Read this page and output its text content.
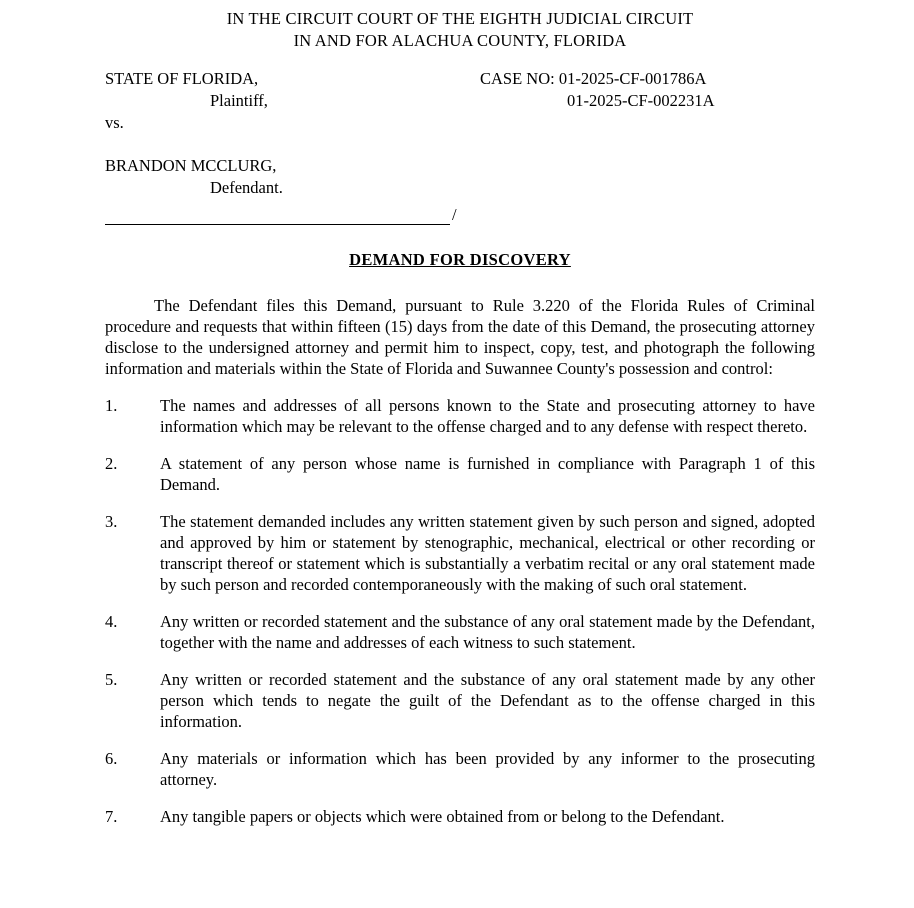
IN THE CIRCUIT COURT OF THE EIGHTH JUDICIAL CIRCUIT
IN AND FOR ALACHUA COUNTY, FLORIDA
STATE OF FLORIDA,
Plaintiff,
vs.
BRANDON MCCLURG,
Defendant.
CASE NO: 01-2025-CF-001786A
01-2025-CF-002231A
/
DEMAND FOR DISCOVERY

The Defendant files this Demand, pursuant to Rule 3.220 of the Florida Rules of Criminal procedure and requests that within fifteen (15) days from the date of this Demand, the prosecuting attorney disclose to the undersigned attorney and permit him to inspect, copy, test, and photograph the following information and materials within the State of Florida and Suwannee County's possession and control:

1.	The names and addresses of all persons known to the State and prosecuting attorney to have information which may be relevant to the offense charged and to any defense with respect thereto.
2.	A statement of any person whose name is furnished in compliance with Paragraph 1 of this Demand.
3.	The statement demanded includes any written statement given by such person and signed, adopted and approved by him or statement by stenographic, mechanical, electrical or other recording or transcript thereof or statement which is substantially a verbatim recital or any oral statement made by such person and recorded contemporaneously with the making of such oral statement.
4.	Any written or recorded statement and the substance of any oral statement made by the Defendant, together with the name and addresses of each witness to such statement.
5.	Any written or recorded statement and the substance of any oral statement made by any other person which tends to negate the guilt of the Defendant as to the offense charged in this information.
6.	Any materials or information which has been provided by any informer to the prosecuting attorney.
7.	Any tangible papers or objects which were obtained from or belong to the Defendant.
